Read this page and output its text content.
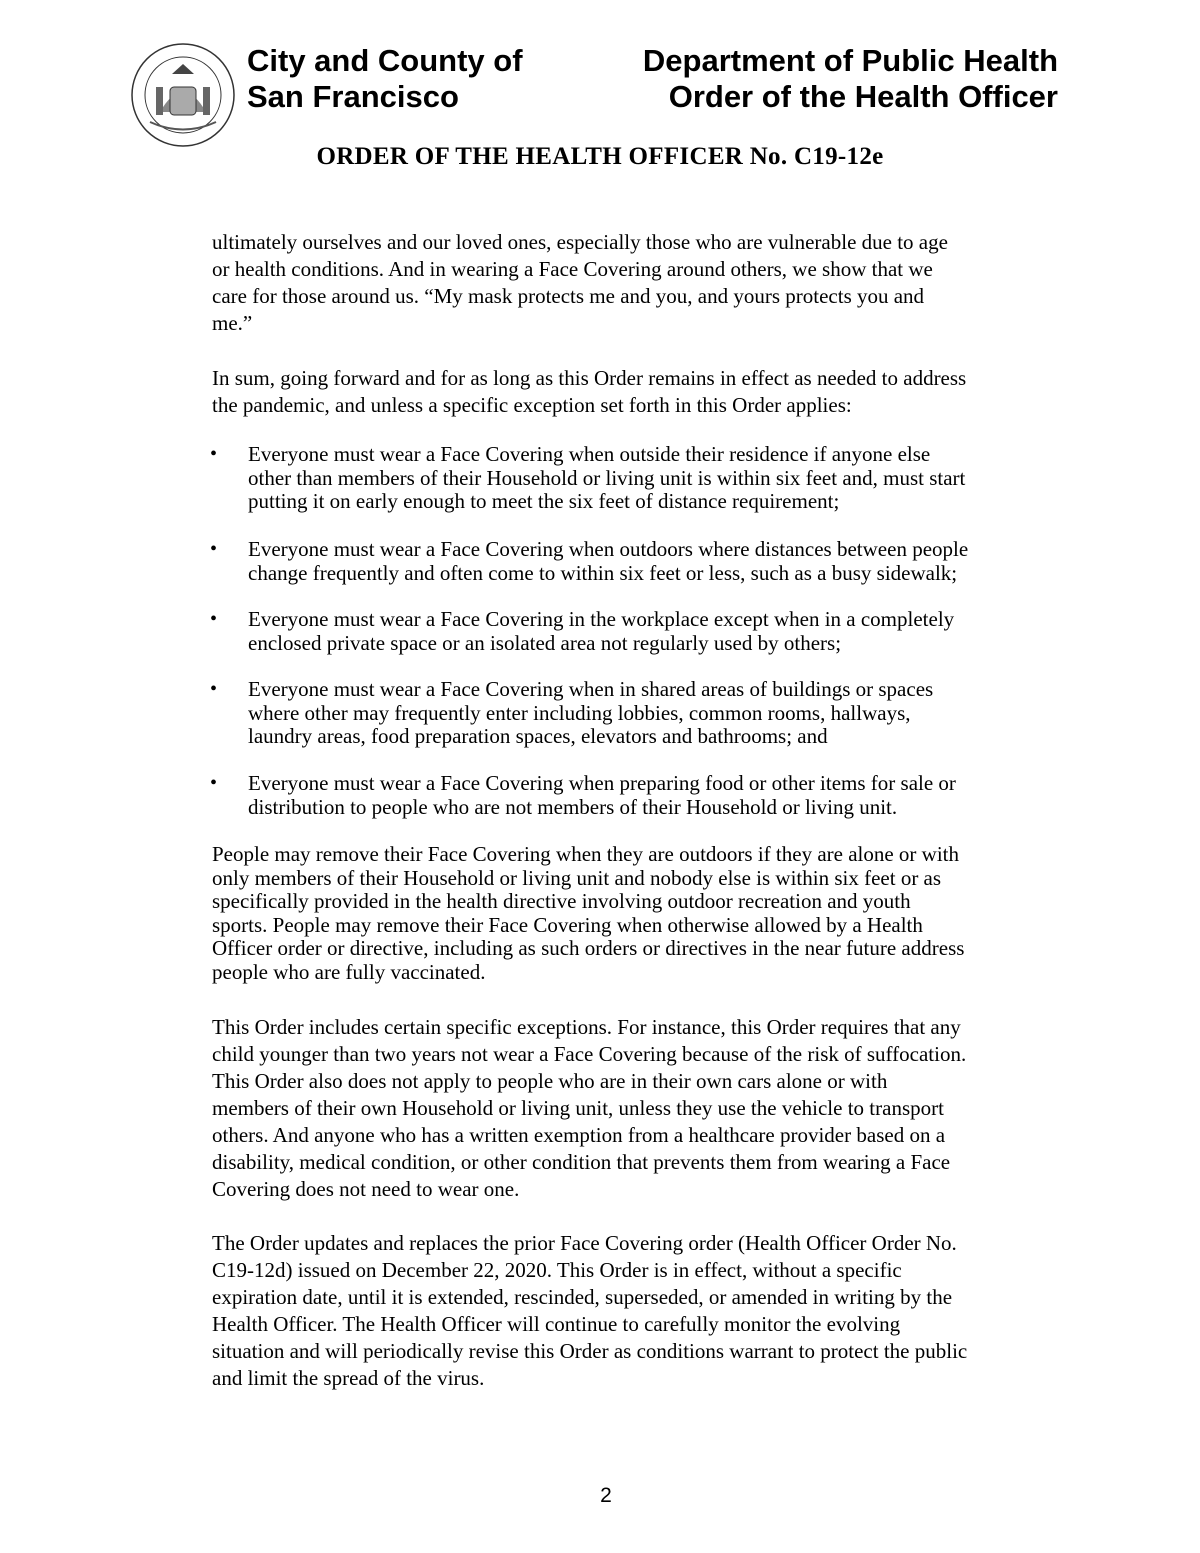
City and County of
San Francisco
Department of Public Health
Order of the Health Officer
ORDER OF THE HEALTH OFFICER No. C19-12e
ultimately ourselves and our loved ones, especially those who are vulnerable due to age
or health conditions. And in wearing a Face Covering around others, we show that we
care for those around us. “My mask protects me and you, and yours protects you and
me.”
In sum, going forward and for as long as this Order remains in effect as needed to address
the pandemic, and unless a specific exception set forth in this Order applies:
• Everyone must wear a Face Covering when outside their residence if anyone else
other than members of their Household or living unit is within six feet and, must start
putting it on early enough to meet the six feet of distance requirement;
• Everyone must wear a Face Covering when outdoors where distances between people
change frequently and often come to within six feet or less, such as a busy sidewalk;
• Everyone must wear a Face Covering in the workplace except when in a completely
enclosed private space or an isolated area not regularly used by others;
• Everyone must wear a Face Covering when in shared areas of buildings or spaces
where other may frequently enter including lobbies, common rooms, hallways,
laundry areas, food preparation spaces, elevators and bathrooms; and
• Everyone must wear a Face Covering when preparing food or other items for sale or
distribution to people who are not members of their Household or living unit.
People may remove their Face Covering when they are outdoors if they are alone or with
only members of their Household or living unit and nobody else is within six feet or as
specifically provided in the health directive involving outdoor recreation and youth
sports. People may remove their Face Covering when otherwise allowed by a Health
Officer order or directive, including as such orders or directives in the near future address
people who are fully vaccinated.
This Order includes certain specific exceptions. For instance, this Order requires that any
child younger than two years not wear a Face Covering because of the risk of suffocation.
This Order also does not apply to people who are in their own cars alone or with
members of their own Household or living unit, unless they use the vehicle to transport
others. And anyone who has a written exemption from a healthcare provider based on a
disability, medical condition, or other condition that prevents them from wearing a Face
Covering does not need to wear one.
The Order updates and replaces the prior Face Covering order (Health Officer Order No.
C19-12d) issued on December 22, 2020. This Order is in effect, without a specific
expiration date, until it is extended, rescinded, superseded, or amended in writing by the
Health Officer. The Health Officer will continue to carefully monitor the evolving
situation and will periodically revise this Order as conditions warrant to protect the public
and limit the spread of the virus.
2
